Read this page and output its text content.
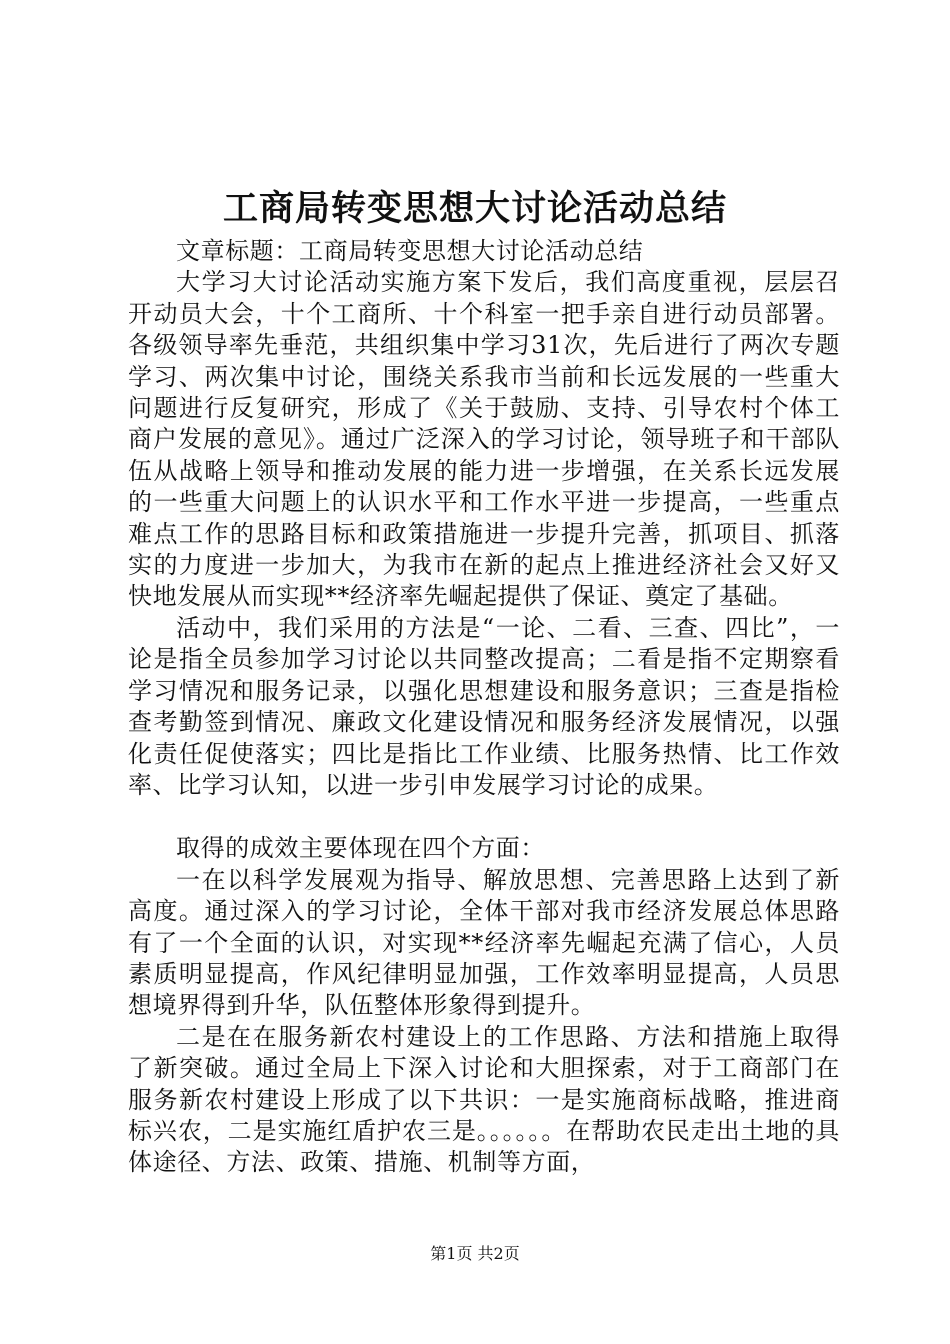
工商局转变思想大讨论活动总结

文章标题：工商局转变思想大讨论活动总结

大学习大讨论活动实施方案下发后，我们高度重视，层层召开动员大会，十个工商所、十个科室一把手亲自进行动员部署。各级领导率先垂范，共组织集中学习31次，先后进行了两次专题学习、两次集中讨论，围绕关系我市当前和长远发展的一些重大问题进行反复研究，形成了《关于鼓励、支持、引导农村个体工商户发展的意见》。通过广泛深入的学习讨论，领导班子和干部队伍从战略上领导和推动发展的能力进一步增强，在关系长远发展的一些重大问题上的认识水平和工作水平进一步提高，一些重点难点工作的思路目标和政策措施进一步提升完善，抓项目、抓落实的力度进一步加大，为我市在新的起点上推进经济社会又好又快地发展从而实现**经济率先崛起提供了保证、奠定了基础。

活动中，我们采用的方法是“一论、二看、三查、四比”，一论是指全员参加学习讨论以共同整改提高；二看是指不定期察看学习情况和服务记录，以强化思想建设和服务意识；三查是指检查考勤签到情况、廉政文化建设情况和服务经济发展情况，以强化责任促使落实；四比是指比工作业绩、比服务热情、比工作效率、比学习认知，以进一步引申发展学习讨论的成果。

取得的成效主要体现在四个方面：

一在以科学发展观为指导、解放思想、完善思路上达到了新高度。通过深入的学习讨论，全体干部对我市经济发展总体思路有了一个全面的认识，对实现**经济率先崛起充满了信心，人员素质明显提高，作风纪律明显加强，工作效率明显提高，人员思想境界得到升华，队伍整体形象得到提升。

二是在在服务新农村建设上的工作思路、方法和措施上取得了新突破。通过全局上下深入讨论和大胆探索，对于工商部门在服务新农村建设上形成了以下共识：一是实施商标战略，推进商标兴农，二是实施红盾护农三是。。。。。。在帮助农民走出土地的具体途径、方法、政策、措施、机制等方面，

第1页 共2页
